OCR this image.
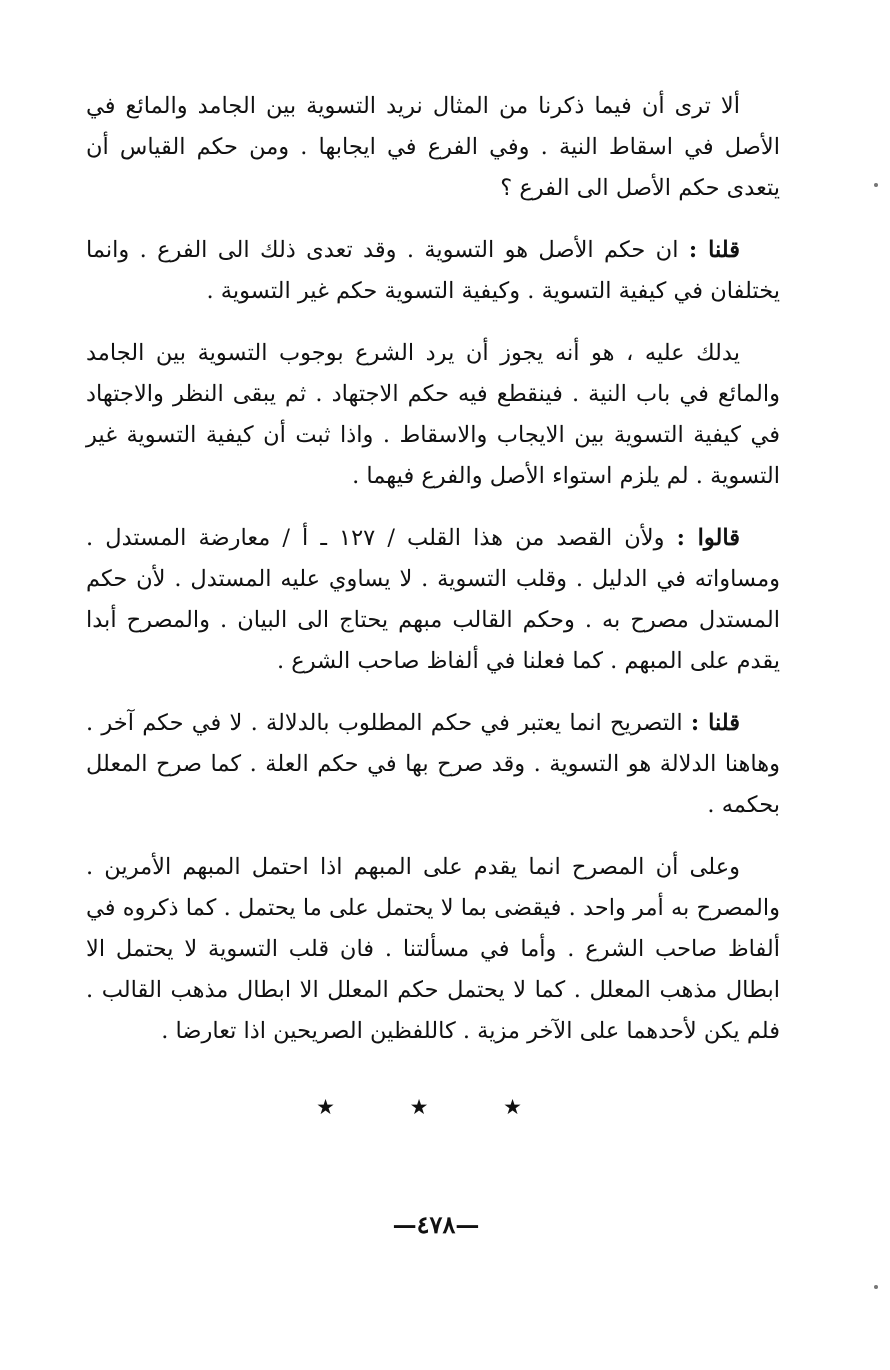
ألا ترى أن فيما ذكرنا من المثال نريد التسوية بين الجامد والمائع في الأصل في اسقاط النية . وفي الفرع في ايجابها . ومن حكم القياس أن يتعدى حكم الأصل الى الفرع ؟

قلنا : ان حكم الأصل هو التسوية . وقد تعدى ذلك الى الفرع . وانما يختلفان في كيفية التسوية . وكيفية التسوية حكم غير التسوية .

يدلك عليه ، هو أنه يجوز أن يرد الشرع بوجوب التسوية بين الجامد والمائع في باب النية . فينقطع فيه حكم الاجتهاد . ثم يبقى النظر والاجتهاد في كيفية التسوية بين الايجاب والاسقاط . واذا ثبت أن كيفية التسوية غير التسوية . لم يلزم استواء الأصل والفرع فيهما .

قالوا : ولأن القصد من هذا القلب / ١٢٧ ـ أ / معارضة المستدل . ومساواته في الدليل . وقلب التسوية . لا يساوي عليه المستدل . لأن حكم المستدل مصرح به . وحكم القالب مبهم يحتاج الى البيان . والمصرح أبدا يقدم على المبهم . كما فعلنا في ألفاظ صاحب الشرع .

قلنا : التصريح انما يعتبر في حكم المطلوب بالدلالة . لا في حكم آخر . وهاهنا الدلالة هو التسوية . وقد صرح بها في حكم العلة . كما صرح المعلل بحكمه .

وعلى أن المصرح انما يقدم على المبهم اذا احتمل المبهم الأمرين . والمصرح به أمر واحد . فيقضى بما لا يحتمل على ما يحتمل . كما ذكروه في ألفاظ صاحب الشرع . وأما في مسألتنا . فان قلب التسوية لا يحتمل الا ابطال مذهب المعلل . كما لا يحتمل حكم المعلل الا ابطال مذهب القالب . فلم يكن لأحدهما على الآخر مزية . كاللفظين الصريحين اذا تعارضا .

★ ★ ★
—٤٧٨—
